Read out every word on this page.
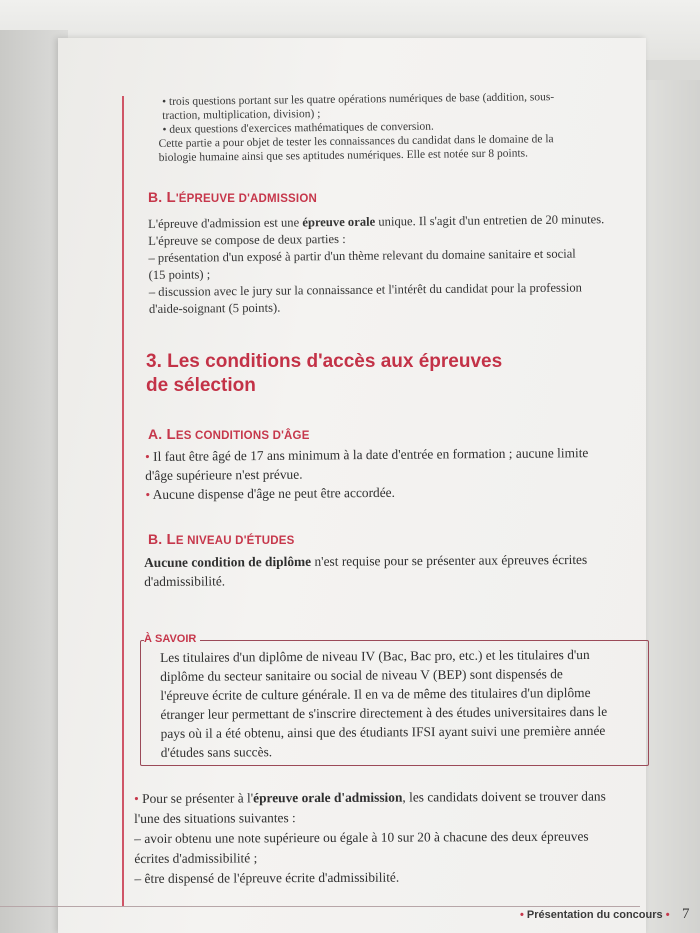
• trois questions portant sur les quatre opérations numériques de base (addition, sous-

traction, multiplication, division) ;

• deux questions d'exercices mathématiques de conversion.

Cette partie a pour objet de tester les connaissances du candidat dans le domaine de la

biologie humaine ainsi que ses aptitudes numériques. Elle est notée sur 8 points.

B. L'ÉPREUVE D'ADMISSION

L'épreuve d'admission est une épreuve orale unique. Il s'agit d'un entretien de 20 minutes.

L'épreuve se compose de deux parties :

– présentation d'un exposé à partir d'un thème relevant du domaine sanitaire et social

(15 points) ;

– discussion avec le jury sur la connaissance et l'intérêt du candidat pour la profession

d'aide-soignant (5 points).

3. Les conditions d'accès aux épreuves
de sélection
A. LES CONDITIONS D'ÂGE

• Il faut être âgé de 17 ans minimum à la date d'entrée en formation ; aucune limite

d'âge supérieure n'est prévue.

• Aucune dispense d'âge ne peut être accordée.

B. LE NIVEAU D'ÉTUDES

Aucune condition de diplôme n'est requise pour se présenter aux épreuves écrites

d'admissibilité.

À SAVOIR

Les titulaires d'un diplôme de niveau IV (Bac, Bac pro, etc.) et les titulaires d'un

diplôme du secteur sanitaire ou social de niveau V (BEP) sont dispensés de

l'épreuve écrite de culture générale. Il en va de même des titulaires d'un diplôme

étranger leur permettant de s'inscrire directement à des études universitaires dans le

pays où il a été obtenu, ainsi que des étudiants IFSI ayant suivi une première année

d'études sans succès.

• Pour se présenter à l'épreuve orale d'admission, les candidats doivent se trouver dans

l'une des situations suivantes :

– avoir obtenu une note supérieure ou égale à 10 sur 20 à chacune des deux épreuves

écrites d'admissibilité ;

– être dispensé de l'épreuve écrite d'admissibilité.

• Présentation du concours • 7
